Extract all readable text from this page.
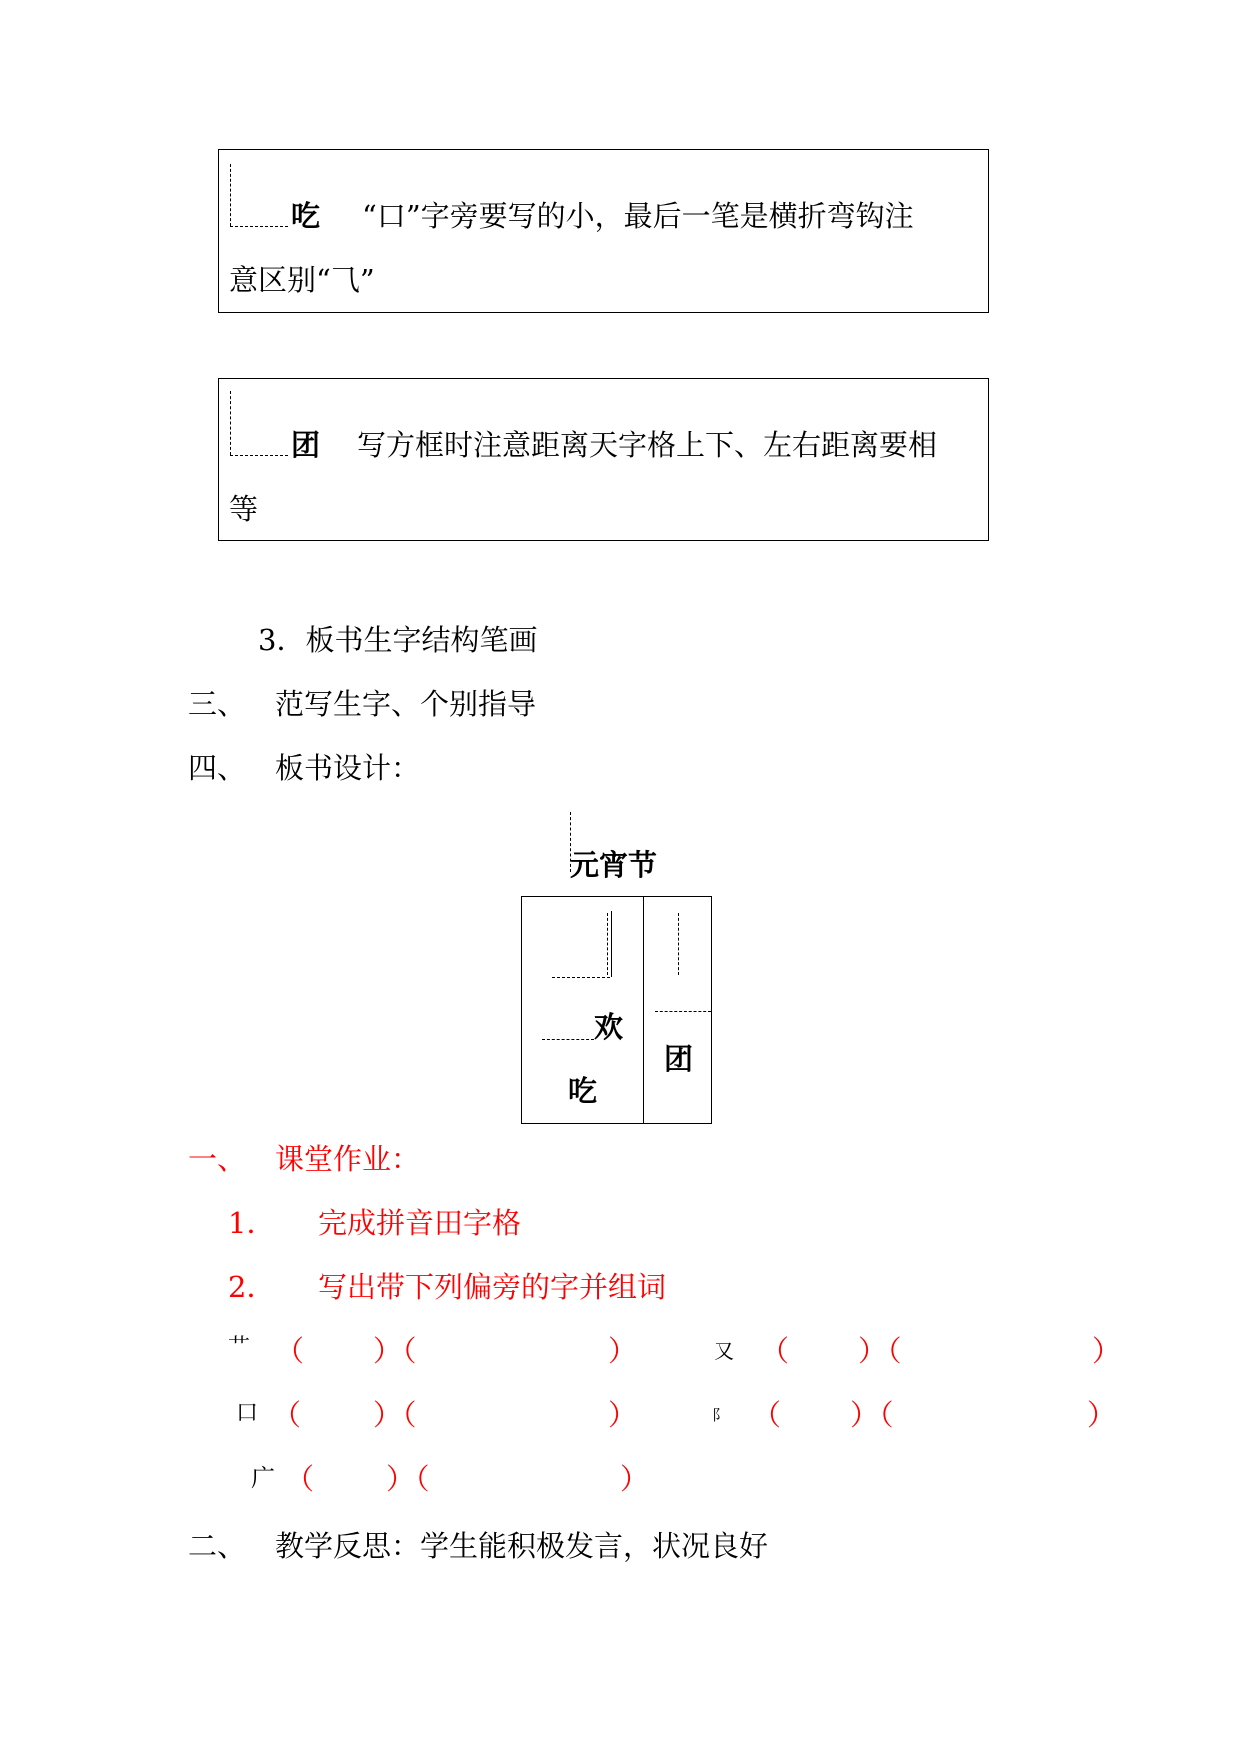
吃 “口”字旁要写的小，最后一笔是横折弯钩注
意区别“⺄”
团 写方框时注意距离天字格上下、左右距离要相
等
3．板书生字结构笔画
三、 范写生字、个别指导
四、 板书设计：
元宵节
欢
吃
团
一、 课堂作业：
1． 完成拼音田字格
2． 写出带下列偏旁的字并组词
艹 （ ）（	）	又 （ ）（	）
口 （ ）（	）	阝 （ ）（	）
广 （ ）（	）
二、 教学反思：学生能积极发言，状况良好
